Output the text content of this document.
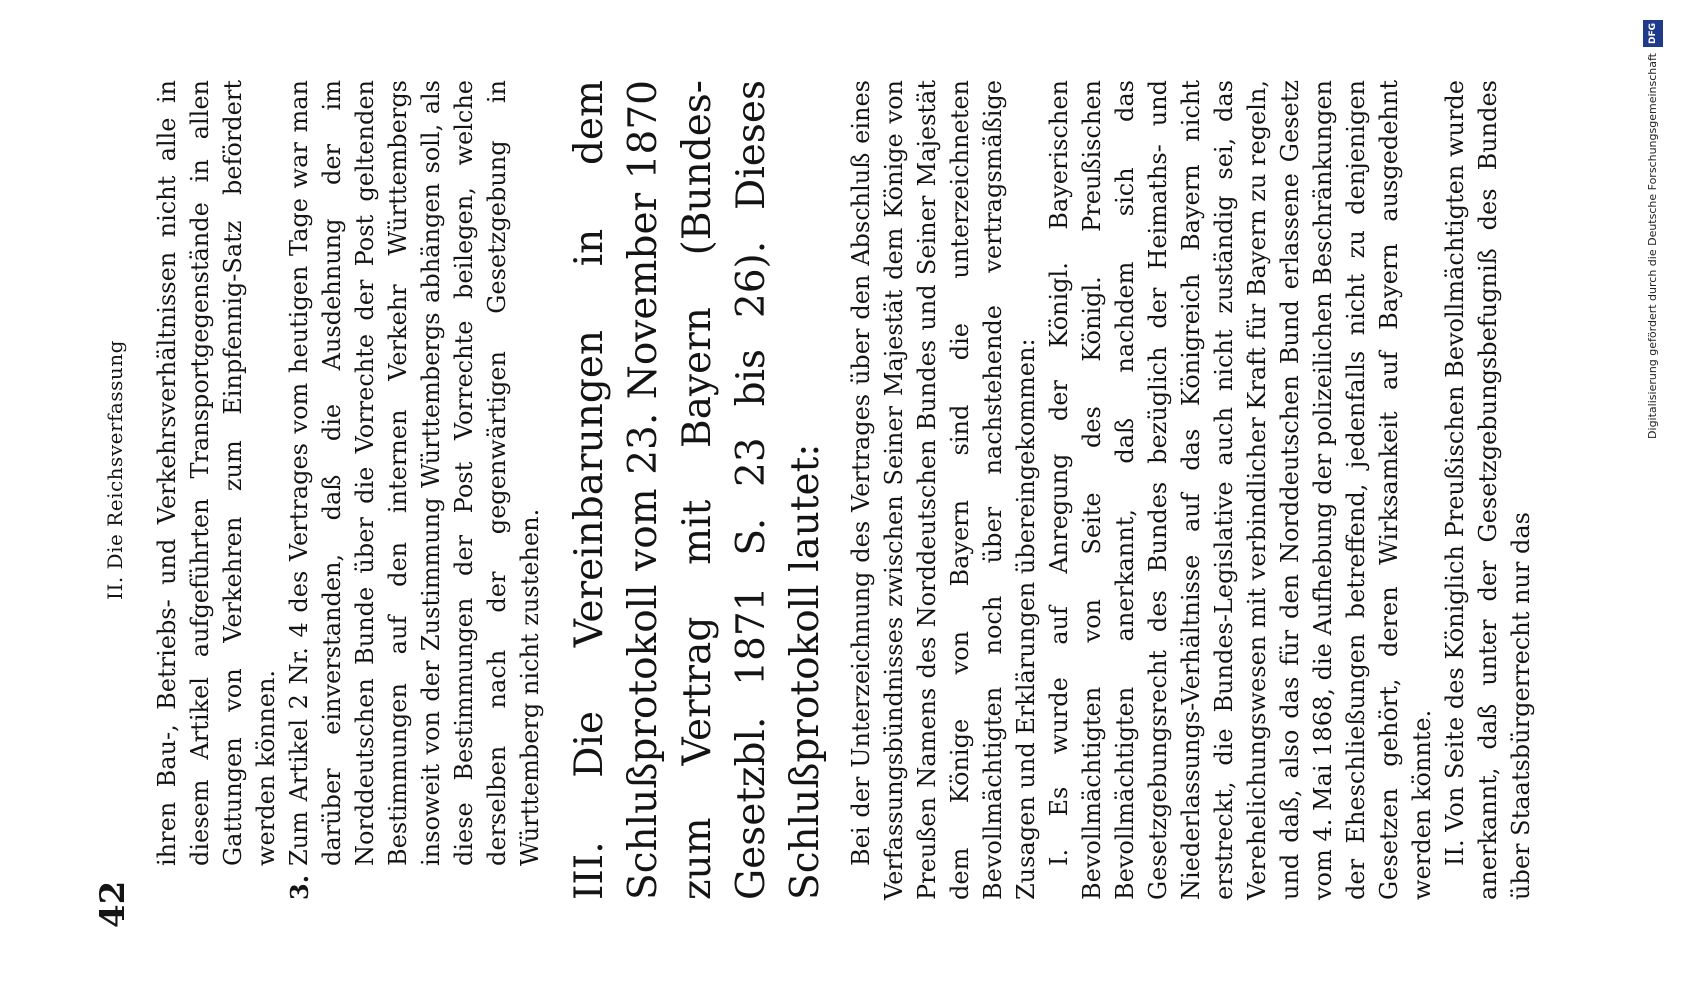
42
II. Die Reichsverfassung ihren Bau-, Betriebs- und Verkehrsverhältnissen nicht alle in diesem Artikel aufgeführten Transportgegenstände in allen Gattungen von Verkehren zum Einpfennig-Satz befördert werden können.

3.
Zum Artikel 2 Nr. 4 des Vertrages vom heutigen Tage war man darüber einverstanden, daß die Ausdehnung der im Norddeutschen Bunde über die Vorrechte der Post geltenden Bestimmungen auf den internen Verkehr Württembergs insoweit von der Zustimmung Württembergs abhängen soll, als diese Bestimmungen der Post Vorrechte beilegen, welche derselben nach der gegenwärtigen Gesetzgebung in Württemberg nicht zustehen. III. Die Vereinbarungen in dem Schlußprotokoll vom 23. November 1870 zum Vertrag mit Bayern (Bundes-Gesetzbl. 1871 S. 23 bis 26). Dieses Schlußprotokoll lautet: Bei der Unterzeichnung des Vertrages über den Abschluß eines Verfassungsbündnisses zwischen Seiner Majestät dem Könige von Preußen Namens des Norddeutschen Bundes und Seiner Majestät dem Könige von Bayern sind die unterzeichneten Bevollmächtigten noch über nachstehende vertragsmäßige Zusagen und Erklärungen übereingekommen: I. Es wurde auf Anregung der Königl. Bayerischen Bevollmächtigten von Seite des Königl. Preußischen Bevollmächtigten anerkannt, daß nachdem sich das Gesetzgebungsrecht des Bundes bezüglich der Heimaths- und Niederlassungs-Verhältnisse auf das Königreich Bayern nicht erstreckt, die Bundes-Legislative auch nicht zuständig sei, das Verehelichungswesen mit verbindlicher Kraft für Bayern zu regeln, und daß, also das für den Norddeutschen Bund erlassene Gesetz vom 4. Mai 1868, die Aufhebung der polizeilichen Beschränkungen der Eheschließungen betreffend, jedenfalls nicht zu denjenigen Gesetzen gehört, deren Wirksamkeit auf Bayern ausgedehnt werden könnte. II. Von Seite des Königlich Preußischen Bevollmächtigten wurde anerkannt, daß unter der Gesetzgebungsbefugniß des Bundes über Staatsbürgerrecht nur das

Digitalisierung gefördert durch die Deutsche Forschungsgemeinschaft
DFG
